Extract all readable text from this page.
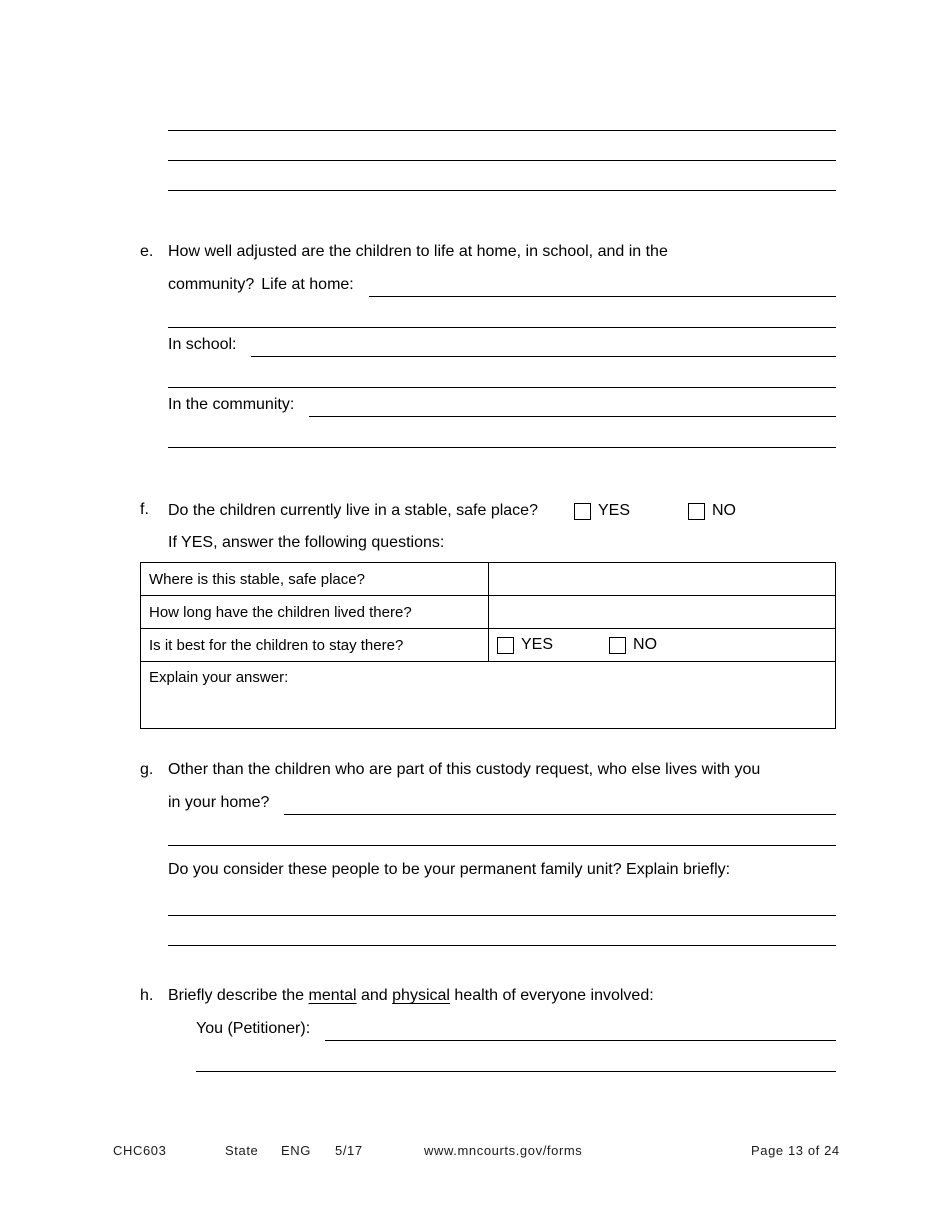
e. How well adjusted are the children to life at home, in school, and in the
community? Life at home:
In school:
In the community:
f. Do the children currently live in a stable, safe place?	YES	NO
If YES, answer the following questions:
Where is this stable, safe place?
How long have the children lived there?
Is it best for the children to stay there?	YES	NO
Explain your answer:
g. Other than the children who are part of this custody request, who else lives with you
in your home?
Do you consider these people to be your permanent family unit? Explain briefly:
h. Briefly describe the mental and physical health of everyone involved:
You (Petitioner):
CHC603	State ENG 5/17	www.mncourts.gov/forms	Page 13 of 24
